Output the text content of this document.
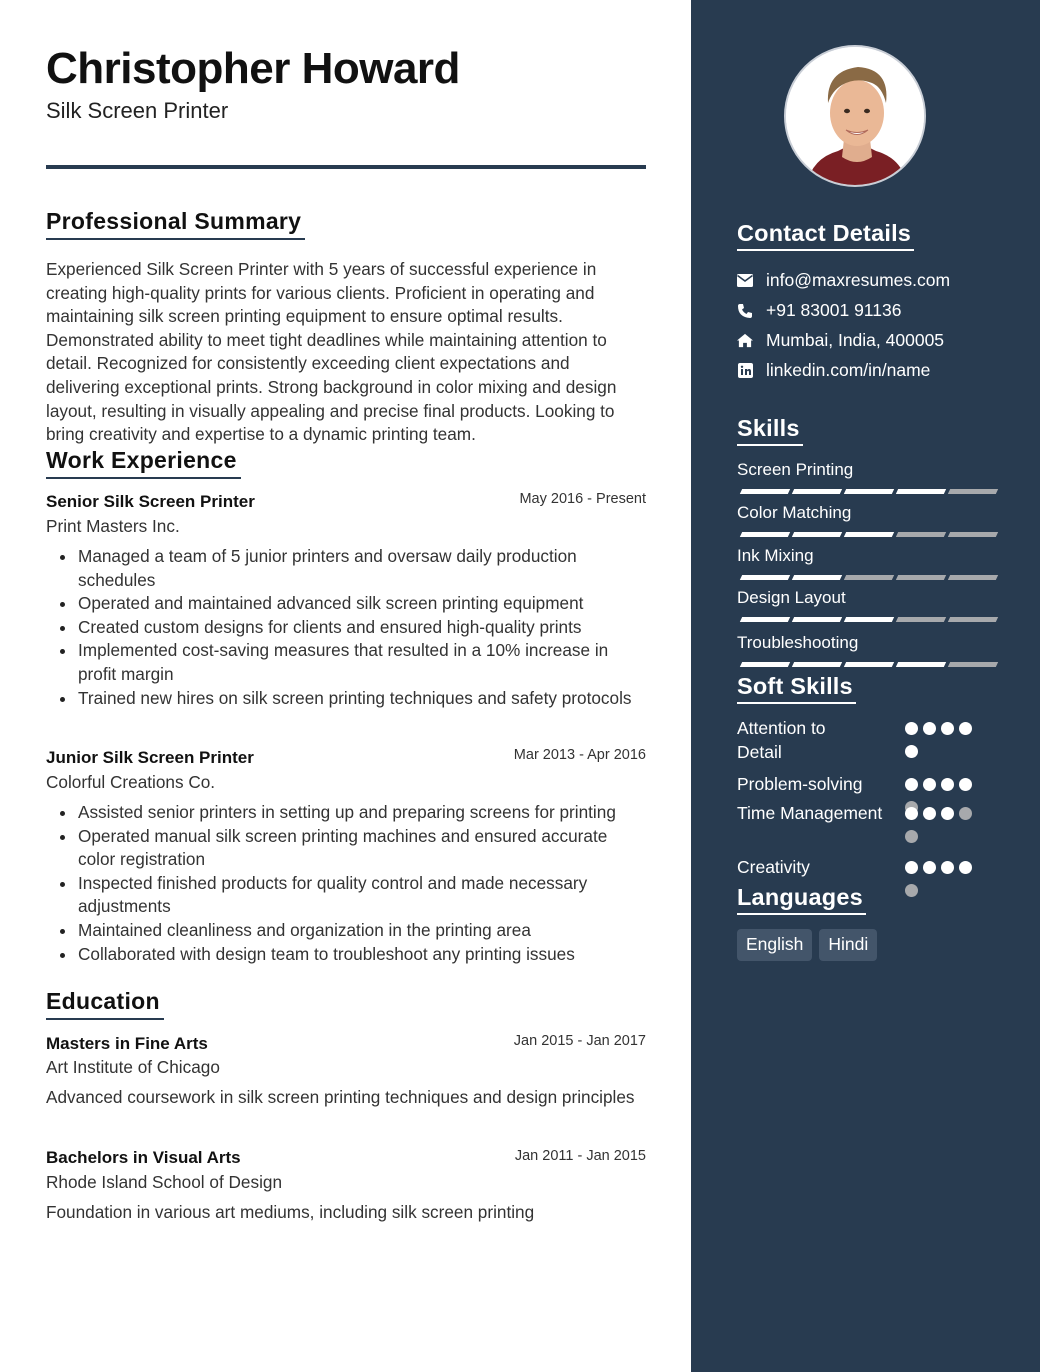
Christopher Howard
Silk Screen Printer
Professional Summary

Experienced Silk Screen Printer with 5 years of successful experience in creating high-quality prints for various clients. Proficient in operating and maintaining silk screen printing equipment to ensure optimal results. Demonstrated ability to meet tight deadlines while maintaining attention to detail. Recognized for consistently exceeding client expectations and delivering exceptional prints. Strong background in color mixing and design layout, resulting in visually appealing and precise final products. Looking to bring creativity and expertise to a dynamic printing team.

Work Experience
Senior Silk Screen Printer	May 2016 - Present
Print Masters Inc.
Managed a team of 5 junior printers and oversaw daily production schedules
Operated and maintained advanced silk screen printing equipment
Created custom designs for clients and ensured high-quality prints
Implemented cost-saving measures that resulted in a 10% increase in profit margin
Trained new hires on silk screen printing techniques and safety protocols
Junior Silk Screen Printer	Mar 2013 - Apr 2016
Colorful Creations Co.
Assisted senior printers in setting up and preparing screens for printing
Operated manual silk screen printing machines and ensured accurate color registration
Inspected finished products for quality control and made necessary adjustments
Maintained cleanliness and organization in the printing area
Collaborated with design team to troubleshoot any printing issues
Education
Masters in Fine Arts	Jan 2015 - Jan 2017
Art Institute of Chicago

Advanced coursework in silk screen printing techniques and design principles

Bachelors in Visual Arts	Jan 2011 - Jan 2015
Rhode Island School of Design

Foundation in various art mediums, including silk screen printing

Contact Details
info@maxresumes.com
+91 83001 91136
Mumbai, India, 400005
linkedin.com/in/name
Skills
Screen Printing
Color Matching
Ink Mixing
Design Layout
Troubleshooting
Soft Skills
Attention to Detail
Problem-solving
Time Management
Creativity
Languages
English	Hindi
